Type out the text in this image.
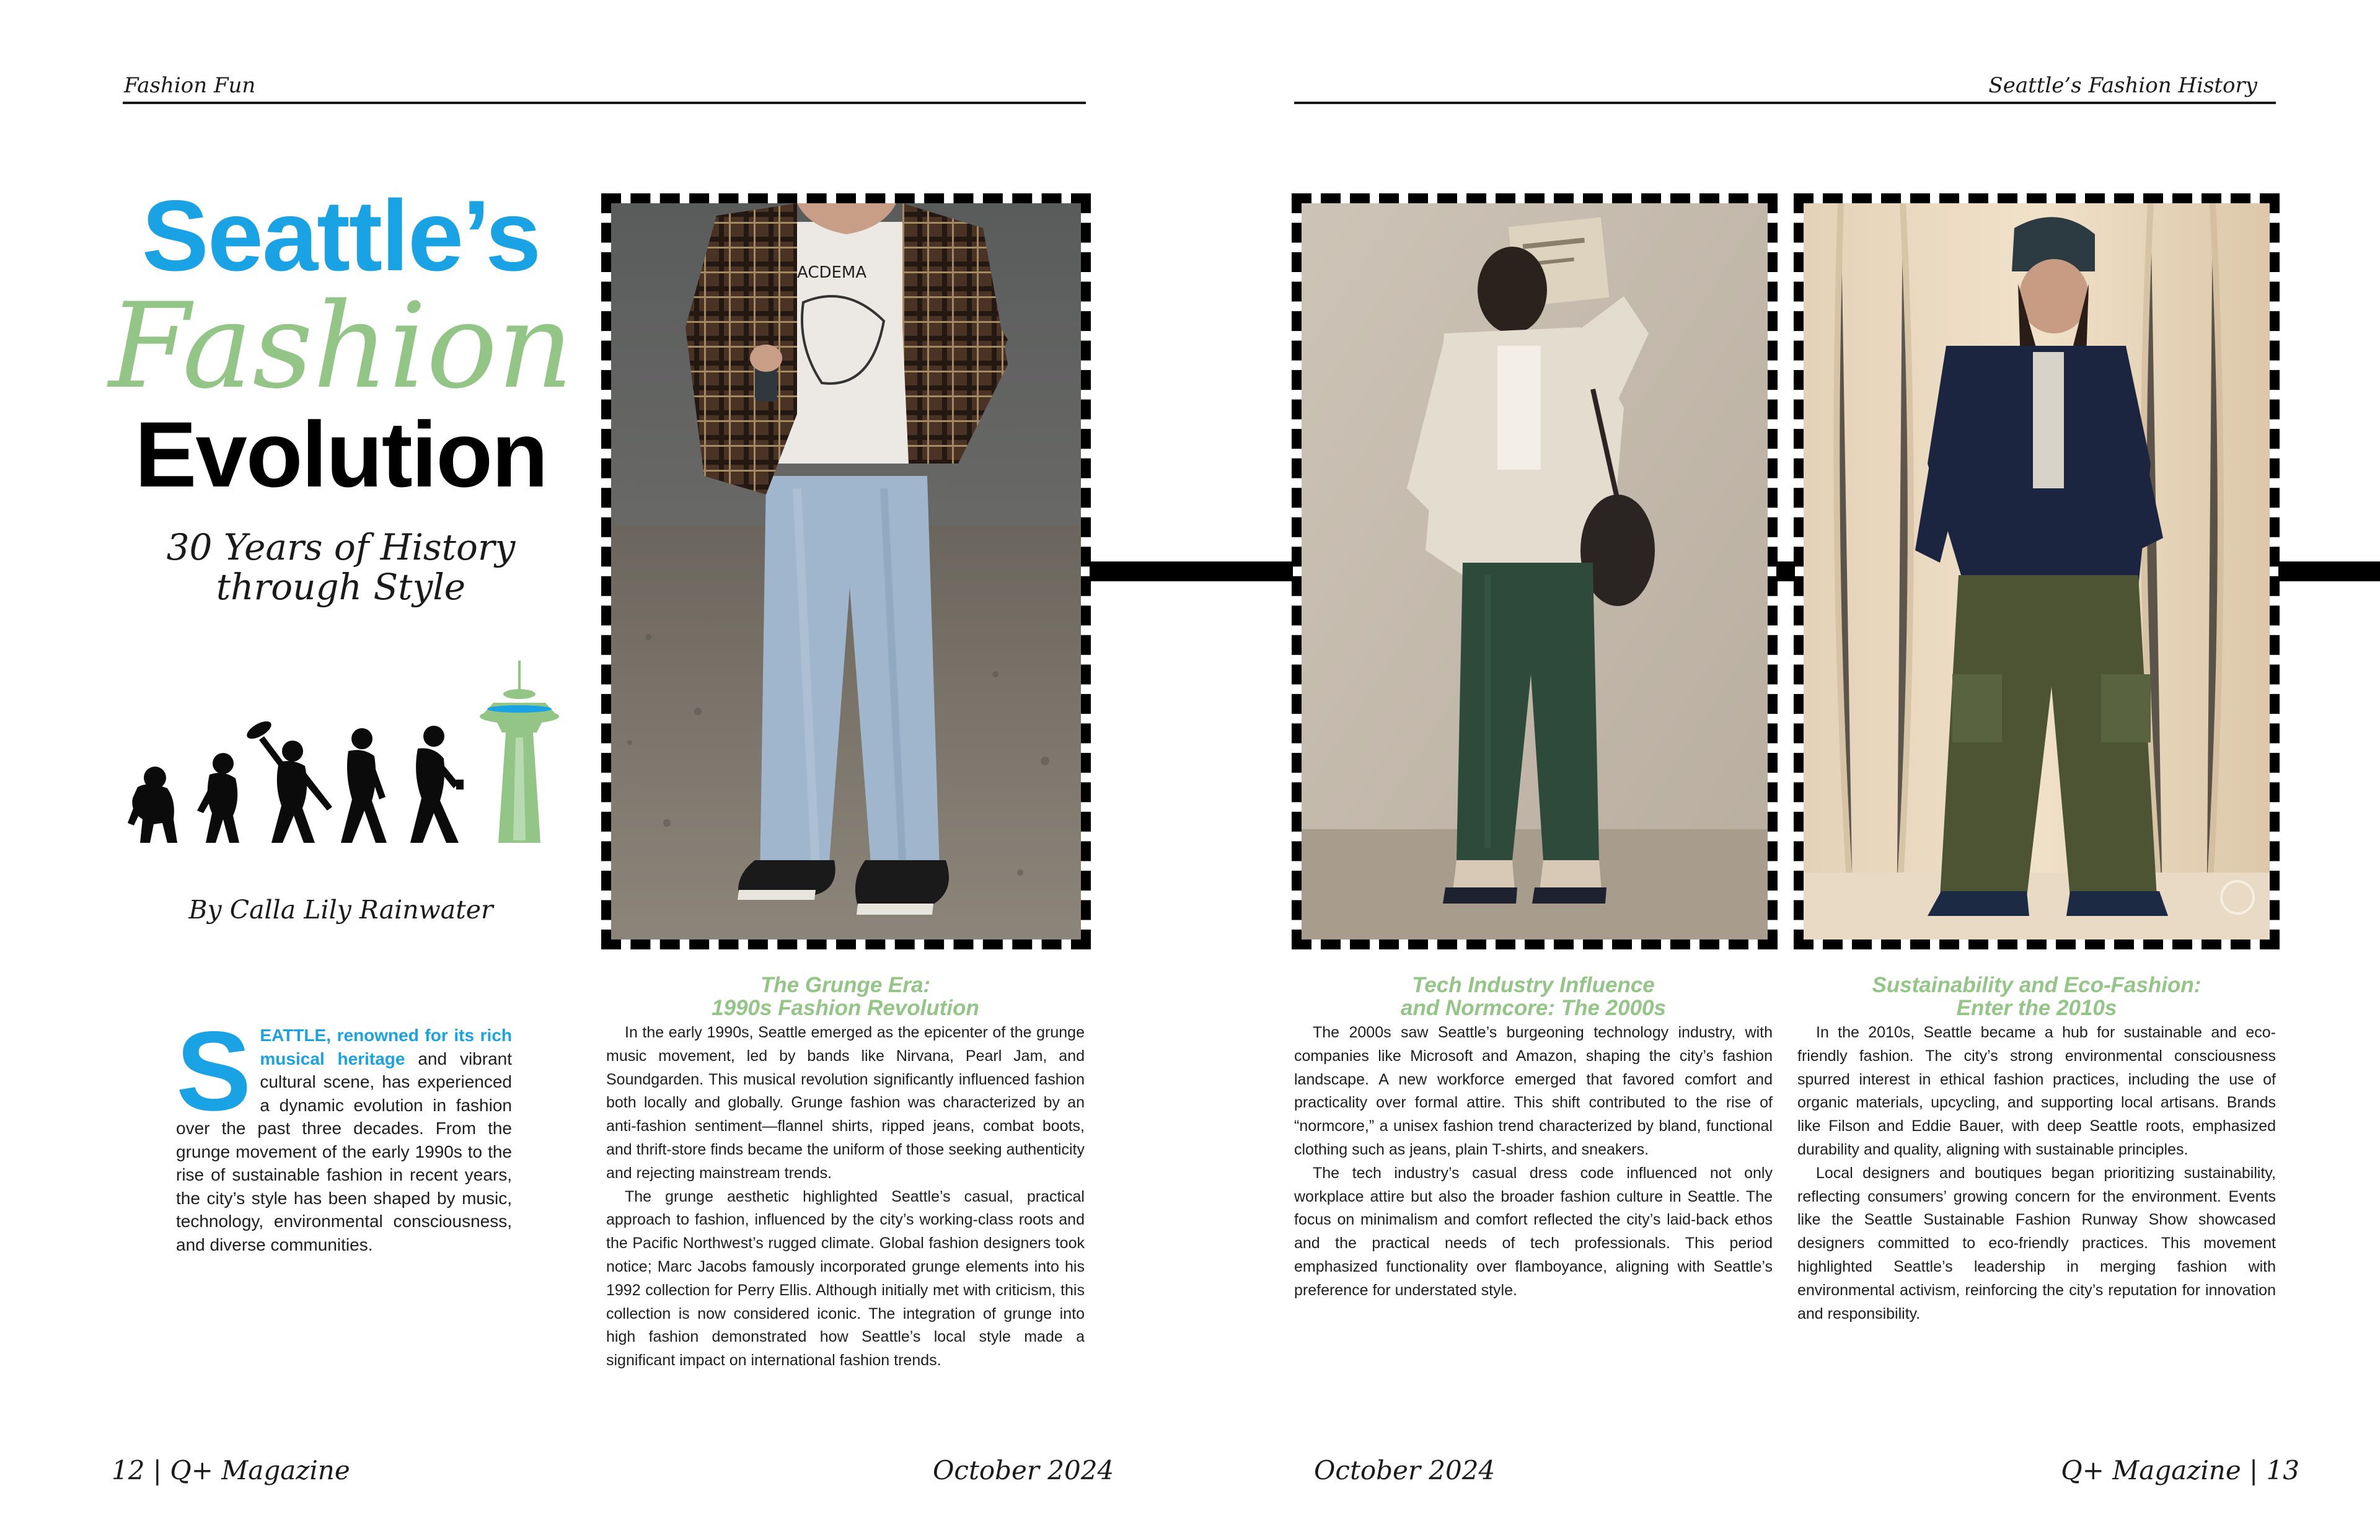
Fashion Fun	Seattle’s Fashion History
Seattle’s
Fashion
Evolution
30 Years of History
through Style
By Calla Lily Rainwater
ACDEMA
SEATTLE, renowned for its rich musical heritage and vibrant cultural scene, has experienced a dynamic evolution in fashion over the past three decades. From the grunge movement of the early 1990s to the rise of sustainable fashion in recent years, the city’s style has been shaped by music, technology, environmental consciousness, and diverse communities.
The Grunge Era:
1990s Fashion Revolution

In the early 1990s, Seattle emerged as the epicenter of the grunge music movement, led by bands like Nirvana, Pearl Jam, and Soundgarden. This musical revolution significantly influenced fashion both locally and globally. Grunge fashion was characterized by an anti-fashion sentiment—flannel shirts, ripped jeans, combat boots, and thrift-store finds became the uniform of those seeking authenticity and rejecting mainstream trends.

The grunge aesthetic highlighted Seattle’s casual, practical approach to fashion, influenced by the city’s working-class roots and the Pacific Northwest’s rugged climate. Global fashion designers took notice; Marc Jacobs famously incorporated grunge elements into his 1992 collection for Perry Ellis. Although initially met with criticism, this collection is now considered iconic. The integration of grunge into high fashion demonstrated how Seattle’s local style made a significant impact on international fashion trends.

Tech Industry Influence
and Normcore: The 2000s

The 2000s saw Seattle’s burgeoning technology industry, with companies like Microsoft and Amazon, shaping the city’s fashion landscape. A new workforce emerged that favored comfort and practicality over formal attire. This shift contributed to the rise of “normcore,” a unisex fashion trend characterized by bland, functional clothing such as jeans, plain T-shirts, and sneakers.

The tech industry’s casual dress code influenced not only workplace attire but also the broader fashion culture in Seattle. The focus on minimalism and comfort reflected the city’s laid-back ethos and the practical needs of tech professionals. This period emphasized functionality over flamboyance, aligning with Seattle’s preference for understated style.

Sustainability and Eco-Fashion:
Enter the 2010s

In the 2010s, Seattle became a hub for sustainable and eco-friendly fashion. The city’s strong environmental consciousness spurred interest in ethical fashion practices, including the use of organic materials, upcycling, and supporting local artisans. Brands like Filson and Eddie Bauer, with deep Seattle roots, emphasized durability and quality, aligning with sustainable principles.

Local designers and boutiques began prioritizing sustainability, reflecting consumers’ growing concern for the environment. Events like the Seattle Sustainable Fashion Runway Show showcased designers committed to eco-friendly practices. This movement highlighted Seattle’s leadership in merging fashion with environmental activism, reinforcing the city’s reputation for innovation and responsibility.

12 | Q+ Magazine	October 2024	October 2024	Q+ Magazine | 13
